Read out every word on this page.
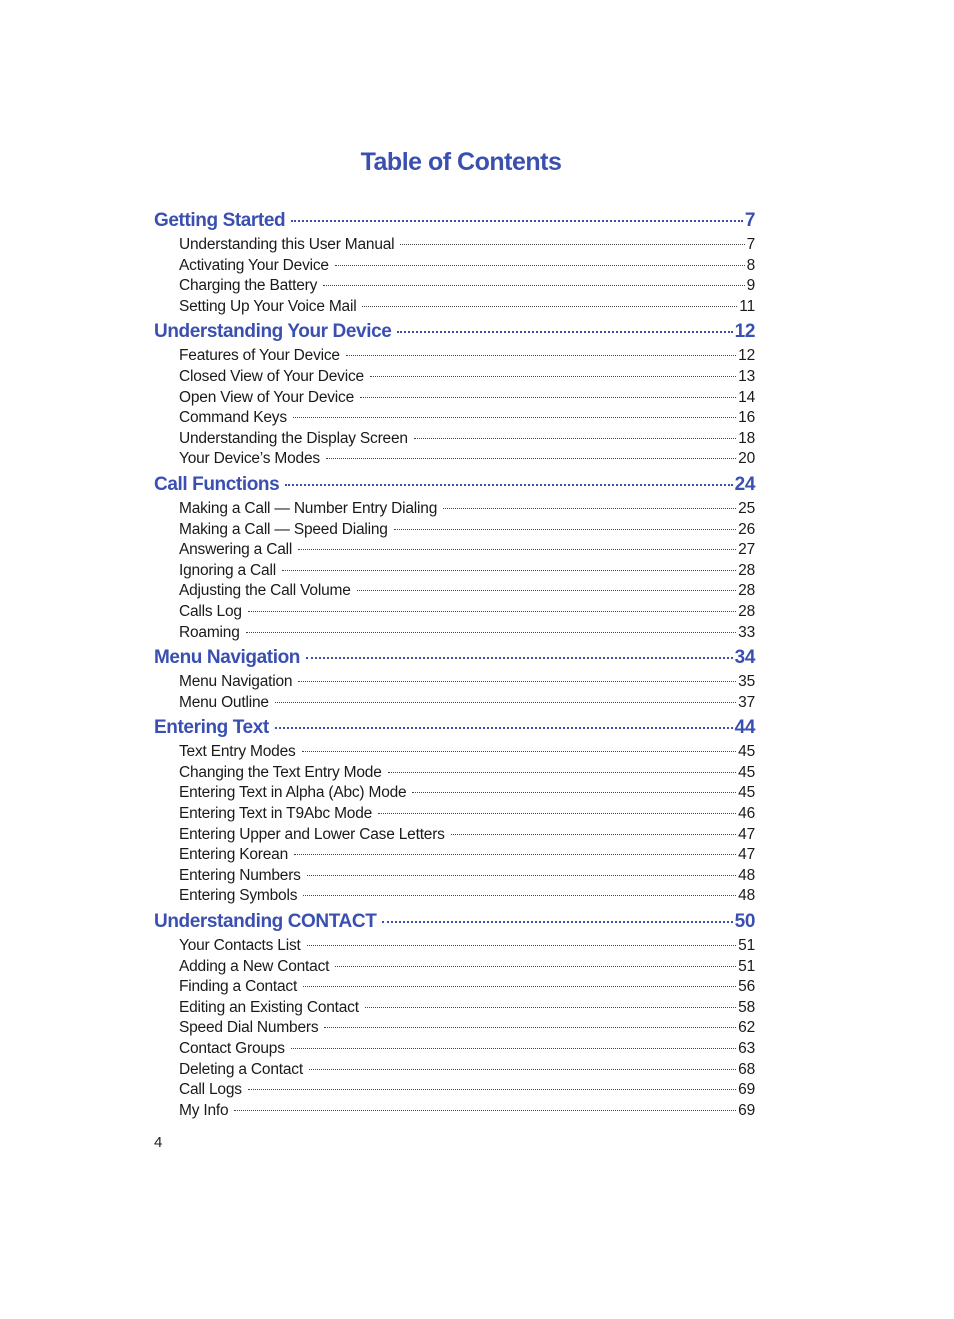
Table of Contents
Getting Started	7
Understanding this User Manual	7
Activating Your Device	8
Charging the Battery	9
Setting Up Your Voice Mail	11
Understanding Your Device	12
Features of Your Device	12
Closed View of Your Device	13
Open View of Your Device	14
Command Keys	16
Understanding the Display Screen	18
Your Device’s Modes	20
Call Functions	24
Making a Call — Number Entry Dialing	25
Making a Call — Speed Dialing	26
Answering a Call	27
Ignoring a Call	28
Adjusting the Call Volume	28
Calls Log	28
Roaming	33
Menu Navigation	34
Menu Navigation	35
Menu Outline	37
Entering Text	44
Text Entry Modes	45
Changing the Text Entry Mode	45
Entering Text in Alpha (Abc) Mode	45
Entering Text in T9Abc Mode	46
Entering Upper and Lower Case Letters	47
Entering Korean	47
Entering Numbers	48
Entering Symbols	48
Understanding CONTACT	50
Your Contacts List	51
Adding a New Contact	51
Finding a Contact	56
Editing an Existing Contact	58
Speed Dial Numbers	62
Contact Groups	63
Deleting a Contact	68
Call Logs	69
My Info	69
4
